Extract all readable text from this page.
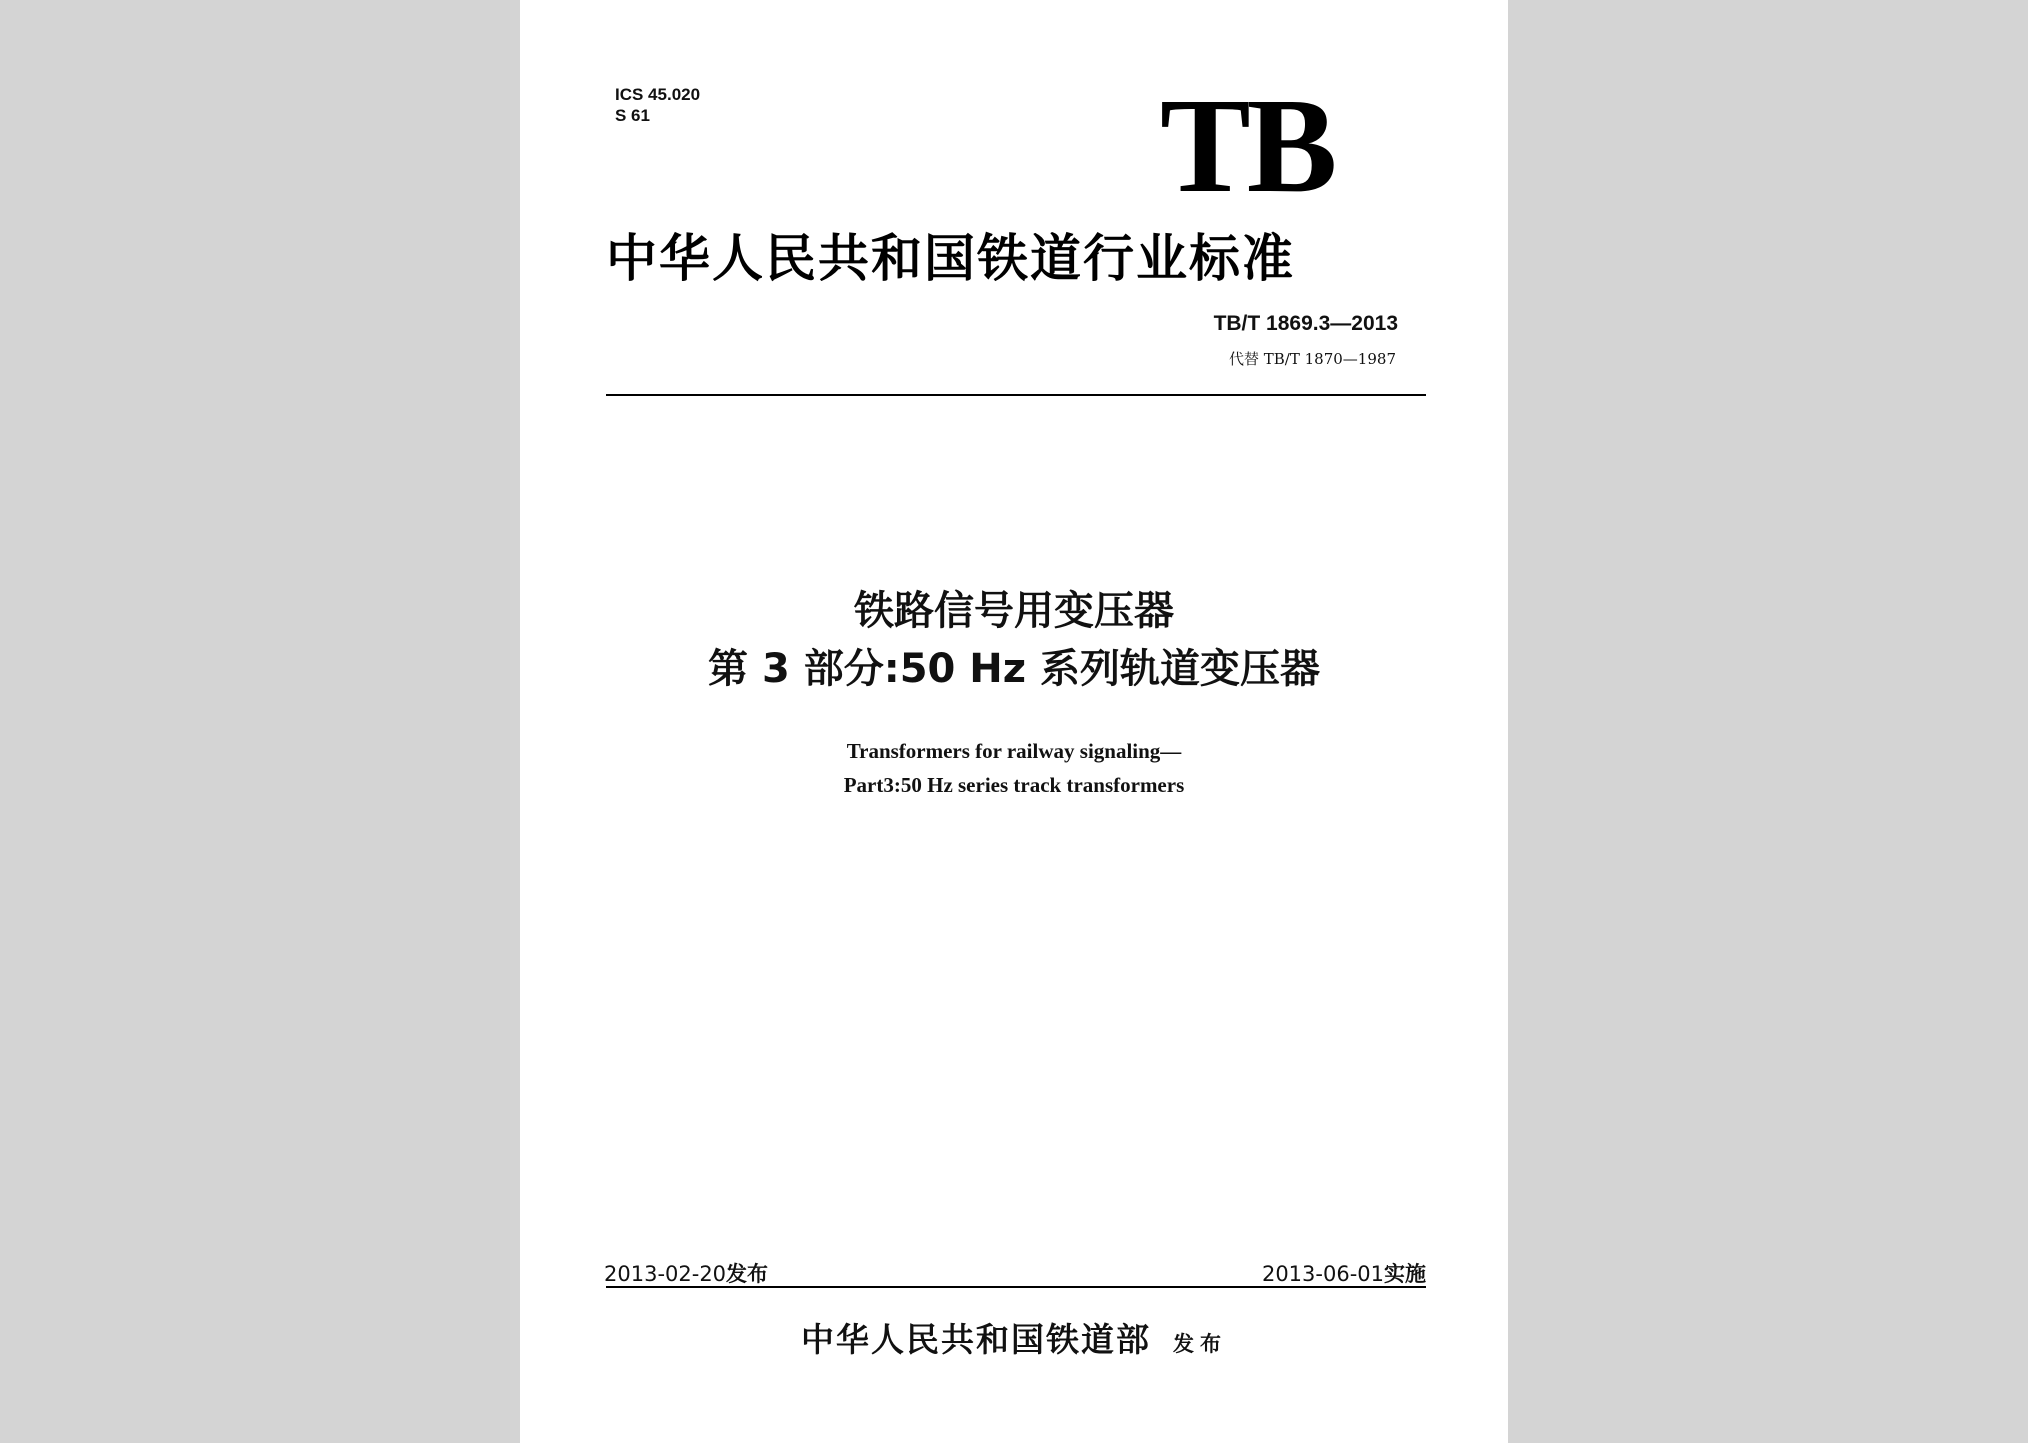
ICS 45.020
S 61	TB
中华人民共和国铁道行业标准
TB/T 1869.3—2013
代替 TB/T 1870—1987
铁路信号用变压器
第 3 部分:50 Hz 系列轨道变压器
Transformers for railway signaling—
Part3:50 Hz series track transformers
2013-02-20发布	2013-06-01实施
中华人民共和国铁道部 发布
